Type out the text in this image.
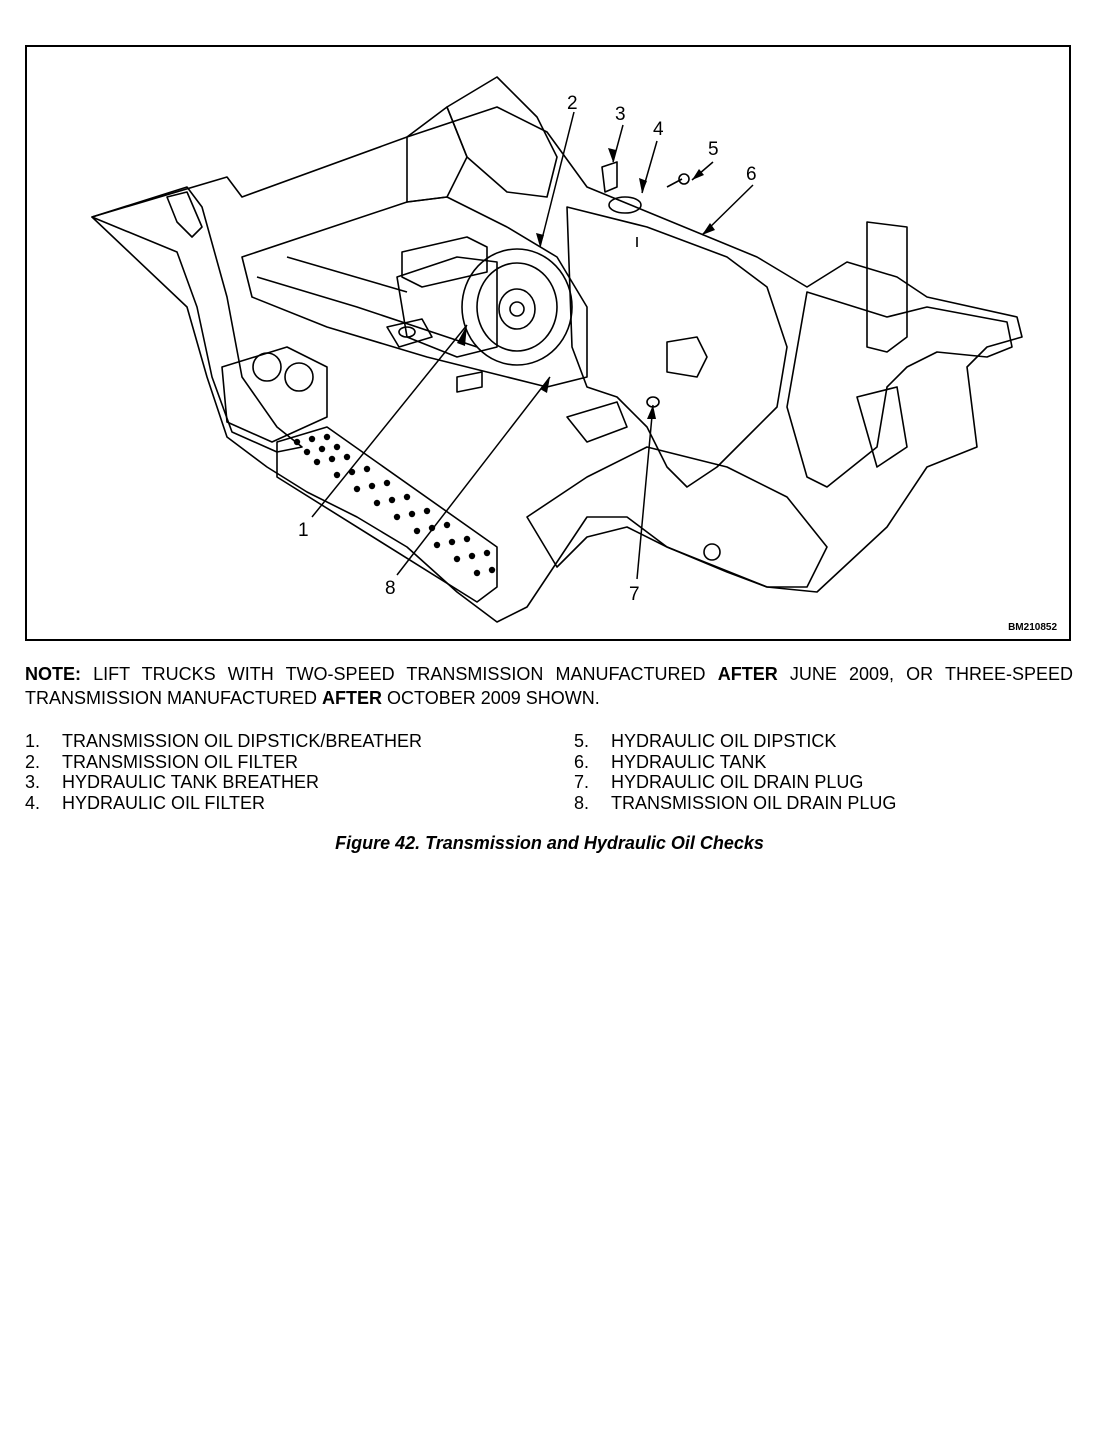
1
2
3
4
5
6
7
8
BM210852
NOTE: LIFT TRUCKS WITH TWO-SPEED TRANSMISSION MANUFACTURED AFTER JUNE 2009, OR THREE-SPEED TRANSMISSION MANUFACTURED AFTER OCTOBER 2009 SHOWN.
1.	TRANSMISSION OIL DIPSTICK/BREATHER
2.	TRANSMISSION OIL FILTER
3.	HYDRAULIC TANK BREATHER
4.	HYDRAULIC OIL FILTER
5.	HYDRAULIC OIL DIPSTICK
6.	HYDRAULIC TANK
7.	HYDRAULIC OIL DRAIN PLUG
8.	TRANSMISSION OIL DRAIN PLUG
Figure 42. Transmission and Hydraulic Oil Checks
